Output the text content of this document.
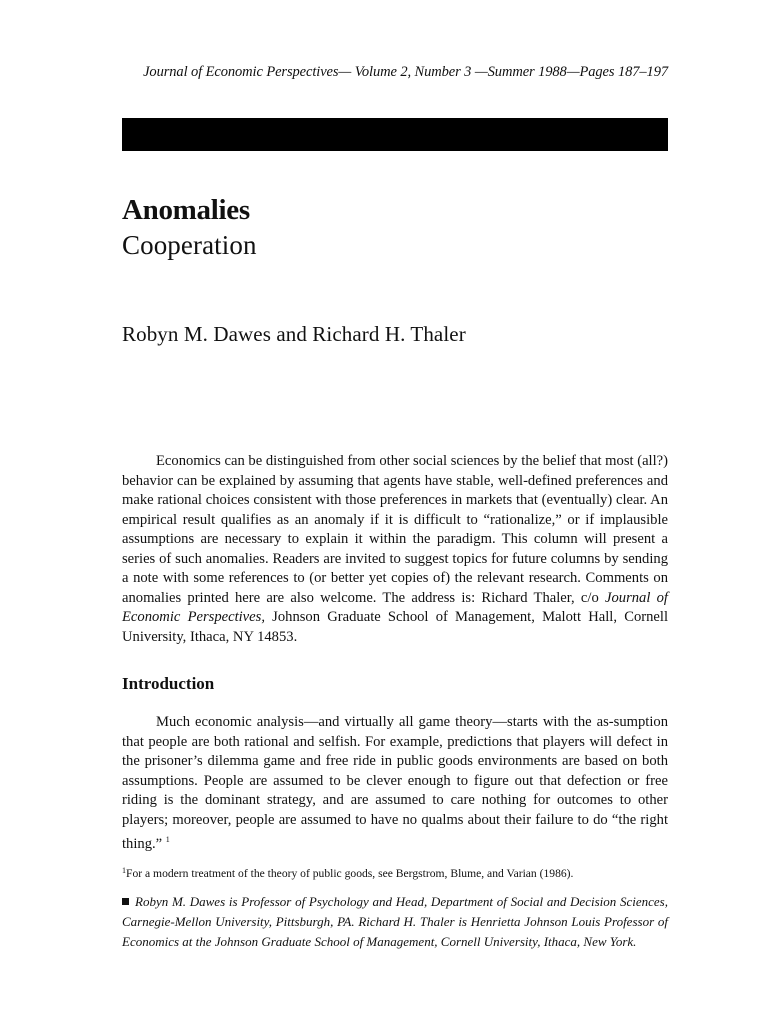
Journal of Economic Perspectives— Volume 2, Number 3 —Summer 1988—Pages 187–197
Anomalies
Cooperation
Robyn M. Dawes and Richard H. Thaler
Economics can be distinguished from other social sciences by the belief that most (all?) behavior can be explained by assuming that agents have stable, well-defined preferences and make rational choices consistent with those preferences in markets that (eventually) clear. An empirical result qualifies as an anomaly if it is difficult to “rationalize,” or if implausible assumptions are necessary to explain it within the paradigm. This column will present a series of such anomalies. Readers are invited to suggest topics for future columns by sending a note with some references to (or better yet copies of) the relevant research. Comments on anomalies printed here are also welcome. The address is: Richard Thaler, c/o Journal of Economic Perspectives, Johnson Graduate School of Management, Malott Hall, Cornell University, Ithaca, NY 14853.
Introduction
Much economic analysis—and virtually all game theory—starts with the as-sumption that people are both rational and selfish. For example, predictions that players will defect in the prisoner’s dilemma game and free ride in public goods environments are based on both assumptions. People are assumed to be clever enough to figure out that defection or free riding is the dominant strategy, and are assumed to care nothing for outcomes to other players; moreover, people are assumed to have no qualms about their failure to do “the right thing.” $^1$
$^1$For a modern treatment of the theory of public goods, see Bergstrom, Blume, and Varian (1986).
Robyn M. Dawes is Professor of Psychology and Head, Department of Social and Decision Sciences, Carnegie-Mellon University, Pittsburgh, PA. Richard H. Thaler is Henrietta Johnson Louis Professor of Economics at the Johnson Graduate School of Management, Cornell University, Ithaca, New York.
